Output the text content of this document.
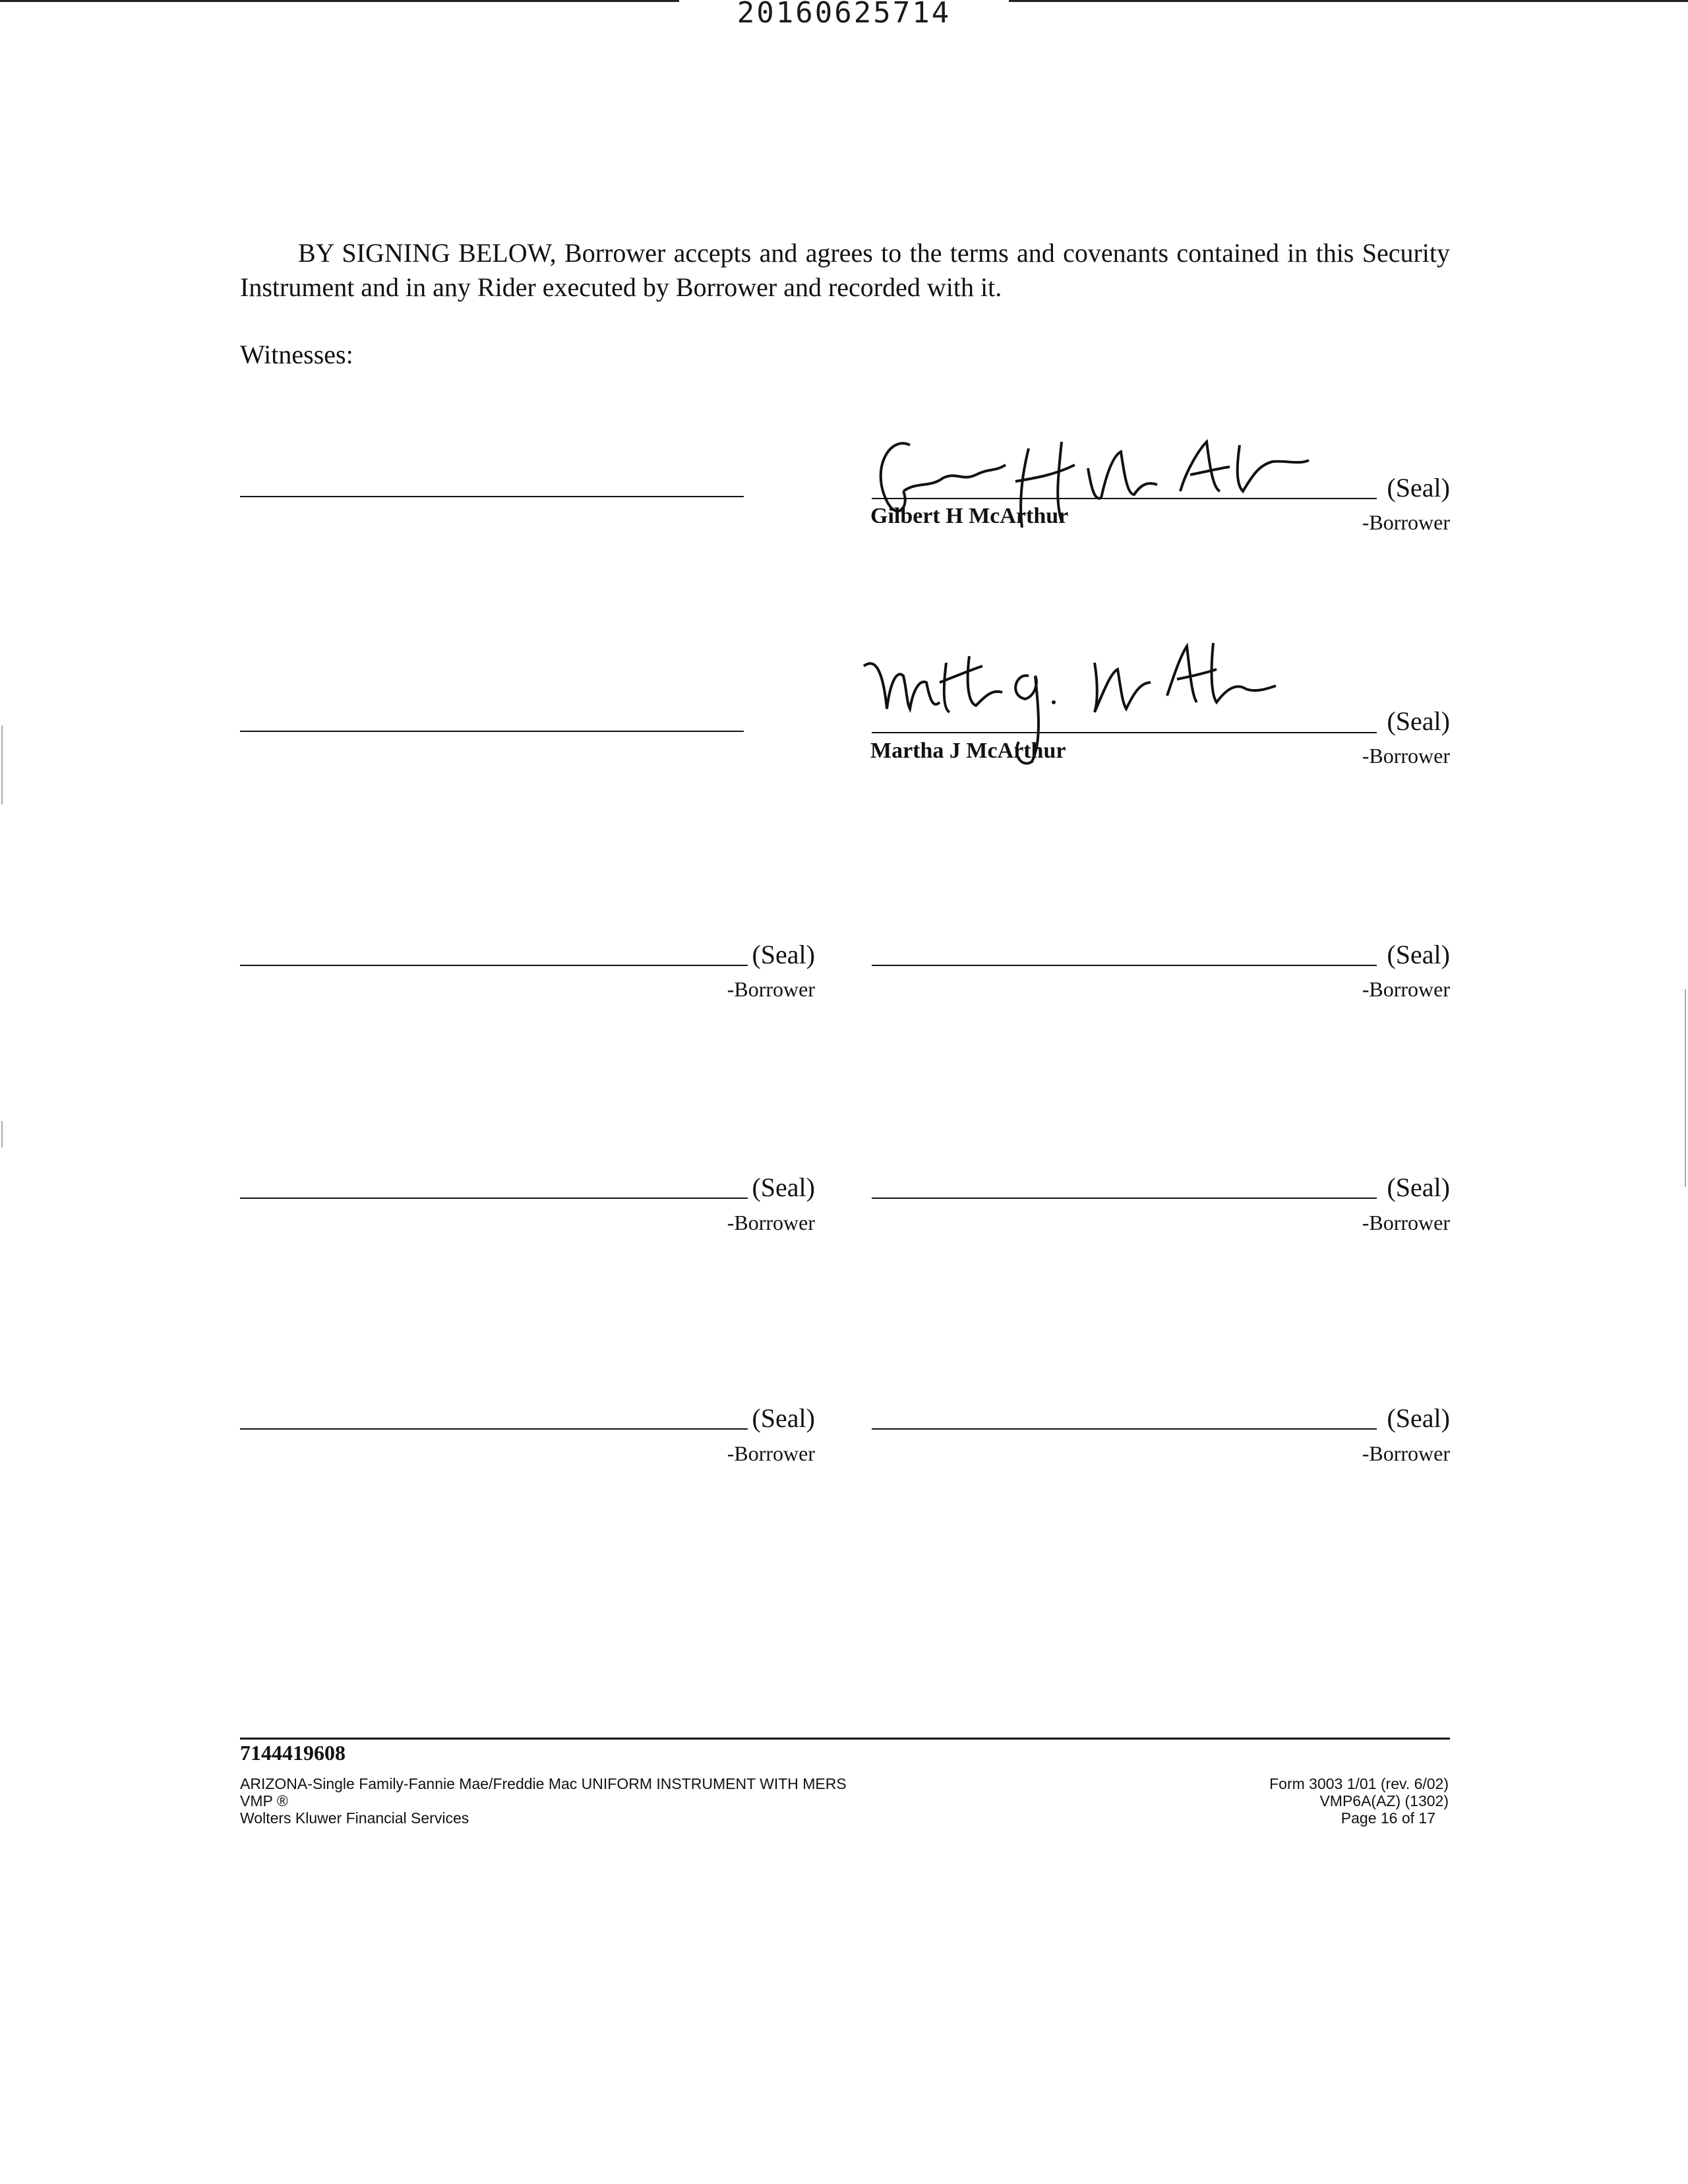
20160625714
BY SIGNING BELOW, Borrower accepts and agrees to the terms and covenants contained in this Security Instrument and in any Rider executed by Borrower and recorded with it.
Witnesses:
(Seal)
Gilbert H McArthur	-Borrower
(Seal)
Martha J McArthur	-Borrower
(Seal)
-Borrower
(Seal)
-Borrower
(Seal)
-Borrower
(Seal)
-Borrower
(Seal)
-Borrower
(Seal)
-Borrower
7144419608
ARIZONA-Single Family-Fannie Mae/Freddie Mac UNIFORM INSTRUMENT WITH MERS
VMP ®
Wolters Kluwer Financial Services
Form 3003 1/01 (rev. 6/02)
VMP6A(AZ) (1302)
Page 16 of 17
